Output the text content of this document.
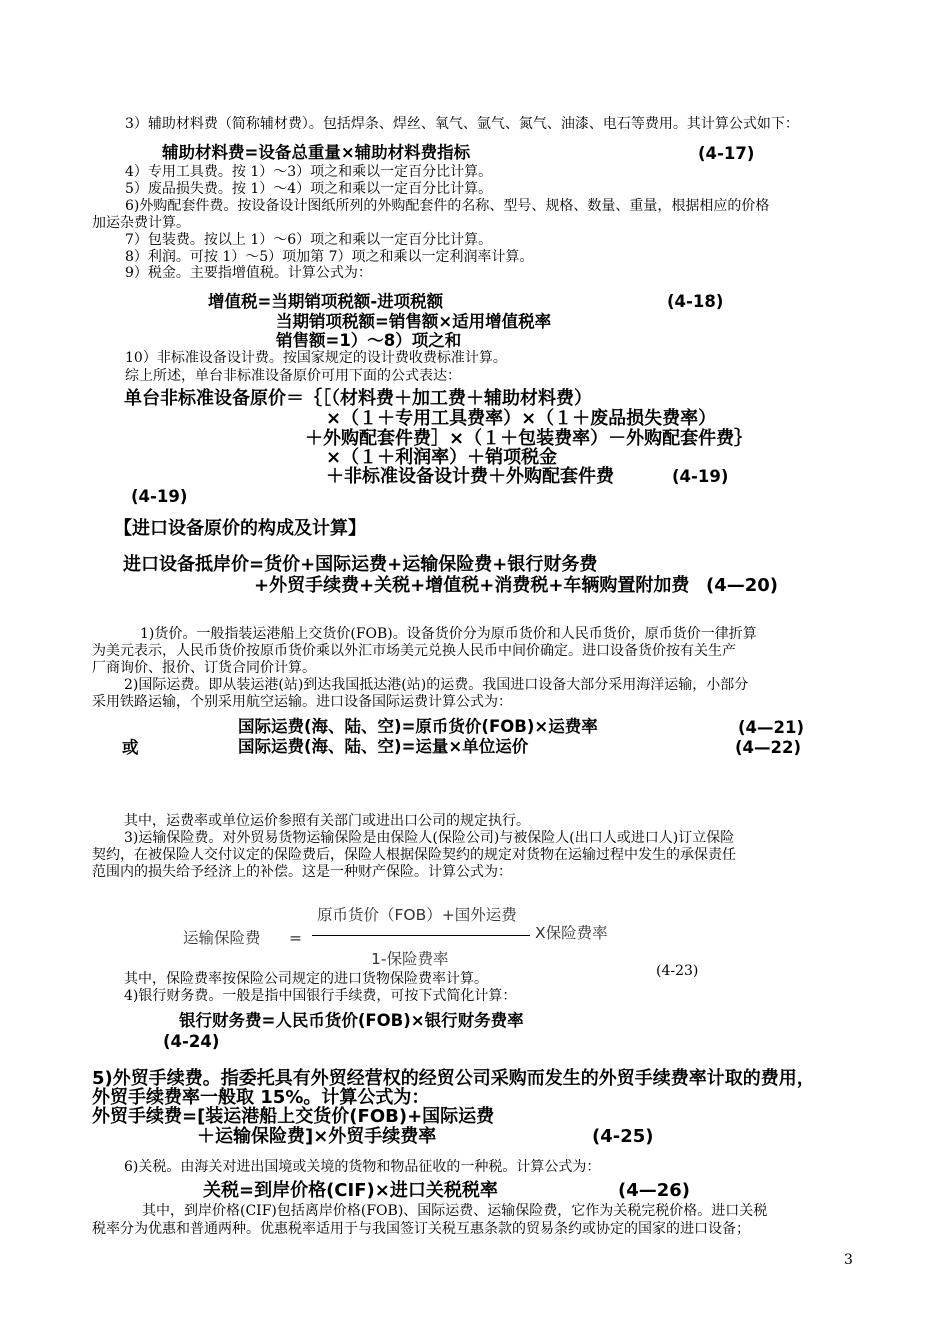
3）辅助材料费（简称辅材费）。包括焊条、焊丝、氧气、氩气、氮气、油漆、电石等费用。其计算公式如下：
辅助材料费=设备总重量×辅助材料费指标	(4-17)
4）专用工具费。按 1）～3）项之和乘以一定百分比计算。
5）废品损失费。按 1）～4）项之和乘以一定百分比计算。
6)外购配套件费。按设备设计图纸所列的外购配套件的名称、型号、规格、数量、重量，根据相应的价格
加运杂费计算。
7）包装费。按以上 1）～6）项之和乘以一定百分比计算。
8）利润。可按 1）～5）项加第 7）项之和乘以一定利润率计算。
9）税金。主要指增值税。计算公式为：
增值税=当期销项税额-进项税额	(4-18)
当期销项税额=销售额×适用增值税率
销售额=1）～8）项之和
10）非标准设备设计费。按国家规定的设计费收费标准计算。
综上所述，单台非标准设备原价可用下面的公式表达：
单台非标准设备原价＝｛［（材料费＋加工费＋辅助材料费）
×（１＋专用工具费率）×（１＋废品损失费率）
＋外购配套件费］×（１＋包装费率）－外购配套件费｝
×（１＋利润率）＋销项税金
＋非标准设备设计费＋外购配套件费	(4-19)
(4-19)
【进口设备原价的构成及计算】
进口设备抵岸价=货价+国际运费+运输保险费+银行财务费
+外贸手续费+关税+增值税+消费税+车辆购置附加费 (4—20)
1)货价。一般指装运港船上交货价(FOB)。设备货价分为原币货价和人民币货价，原币货价一律折算
为美元表示，人民币货价按原币货价乘以外汇市场美元兑换人民币中间价确定。进口设备货价按有关生产
厂商询价、报价、订货合同价计算。
2)国际运费。即从装运港(站)到达我国抵达港(站)的运费。我国进口设备大部分采用海洋运输，小部分
采用铁路运输，个别采用航空运输。进口设备国际运费计算公式为：
国际运费(海、陆、空)=原币货价(FOB)×运费率	(4—21)
或	国际运费(海、陆、空)=运量×单位运价	(4—22)
其中，运费率或单位运价参照有关部门或进出口公司的规定执行。
3)运输保险费。对外贸易货物运输保险是由保险人(保险公司)与被保险人(出口人或进口人)订立保险
契约，在被保险人交付议定的保险费后，保险人根据保险契约的规定对货物在运输过程中发生的承保责任
范围内的损失给予经济上的补偿。这是一种财产保险。计算公式为：
运输保险费 =
原币货价（FOB）+国外运费
1-保险费率
X保险费率
其中，保险费率按保险公司规定的进口货物保险费率计算。	(4-23)
4)银行财务费。一般是指中国银行手续费，可按下式简化计算：
银行财务费=人民币货价(FOB)×银行财务费率
(4-24)
5)外贸手续费。指委托具有外贸经营权的经贸公司采购而发生的外贸手续费率计取的费用，
外贸手续费率一般取 15%。计算公式为：
外贸手续费=[装运港船上交货价(FOB)+国际运费
＋运输保险费]×外贸手续费率	(4-25)
6)关税。由海关对进出国境或关境的货物和物品征收的一种税。计算公式为：
关税=到岸价格(CIF)×进口关税税率	(4—26)
其中，到岸价格(CIF)包括离岸价格(FOB)、国际运费、运输保险费，它作为关税完税价格。进口关税
税率分为优惠和普通两种。优惠税率适用于与我国签订关税互惠条款的贸易条约或协定的国家的进口设备；
3
